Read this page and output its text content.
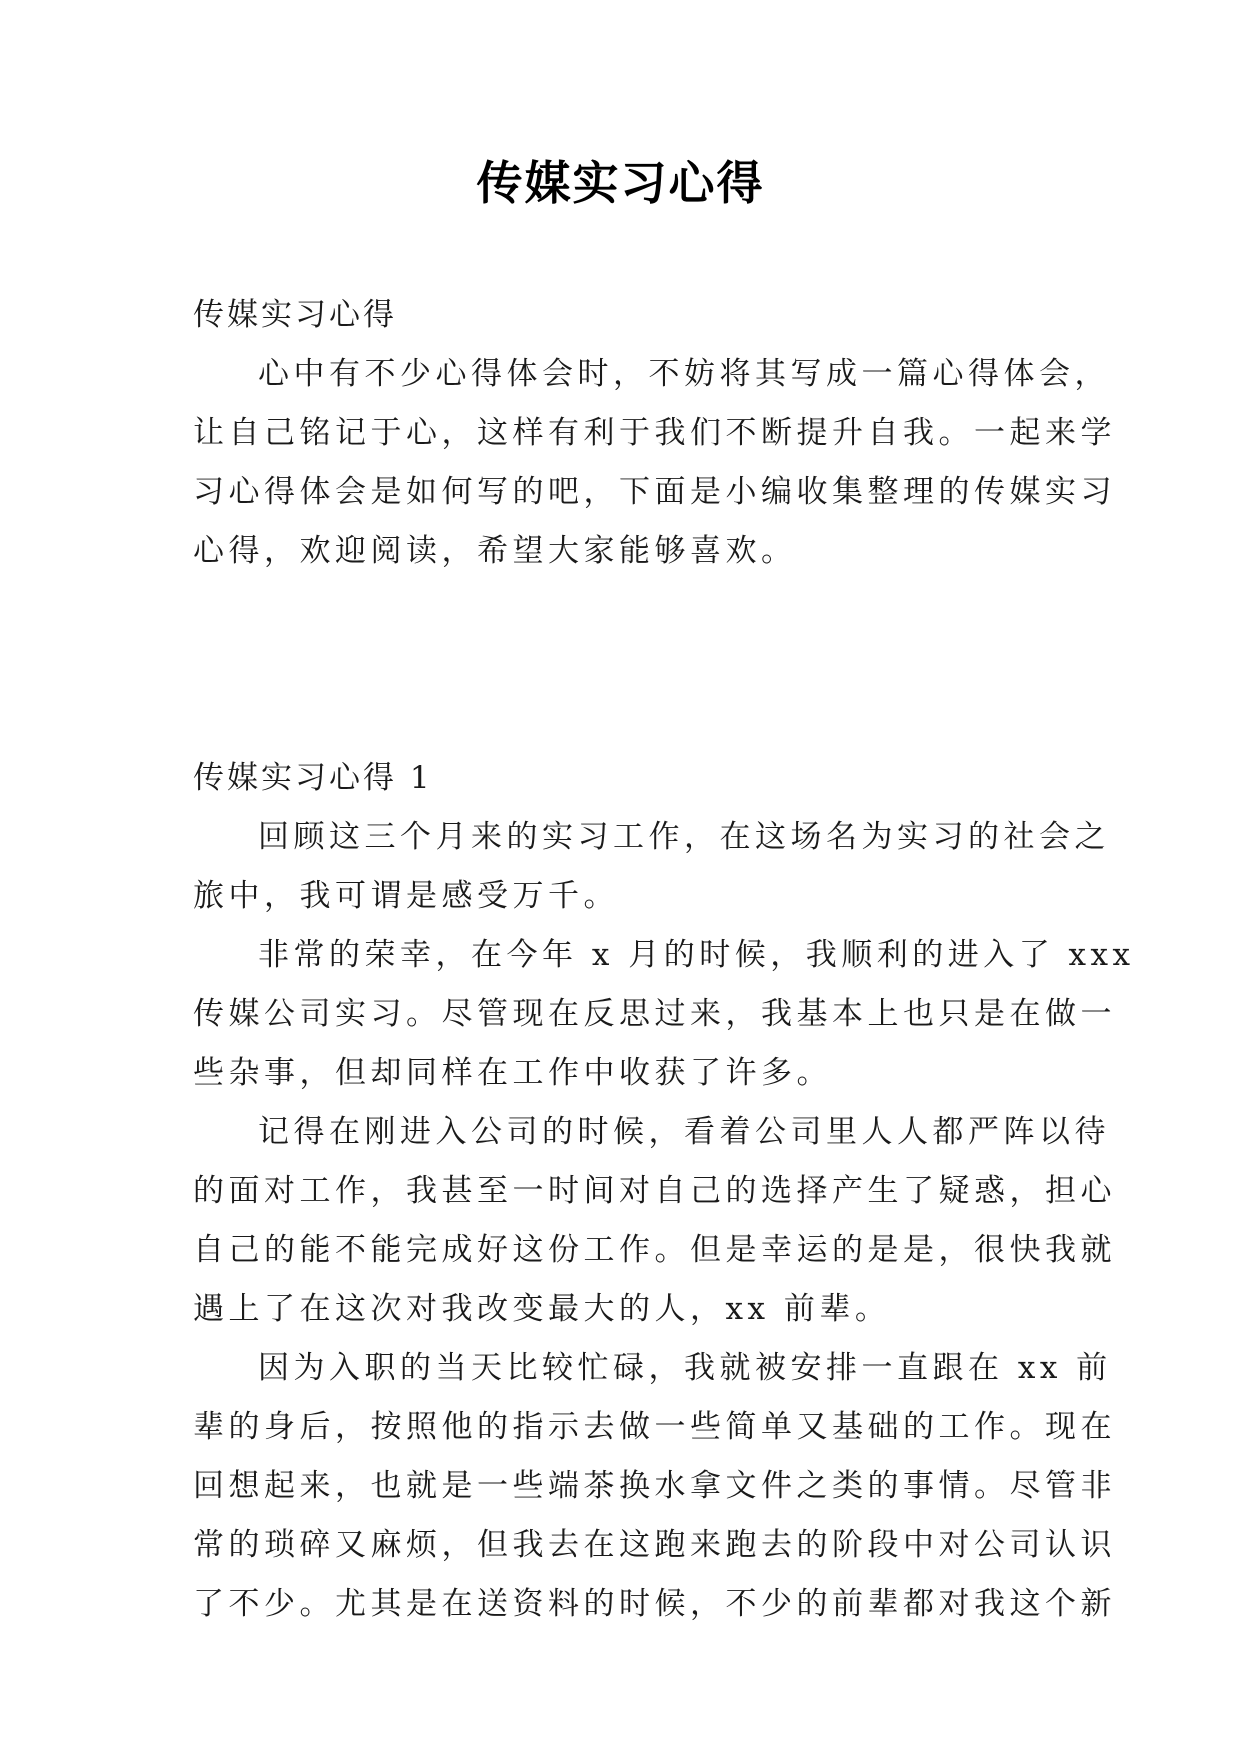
传媒实习心得
传媒实习心得
心中有不少心得体会时，不妨将其写成一篇心得体会，
让自己铭记于心，这样有利于我们不断提升自我。一起来学
习心得体会是如何写的吧，下面是小编收集整理的传媒实习
心得，欢迎阅读，希望大家能够喜欢。
传媒实习心得 1
回顾这三个月来的实习工作，在这场名为实习的社会之
旅中，我可谓是感受万千。
非常的荣幸，在今年 x 月的时候，我顺利的进入了 xxx
传媒公司实习。尽管现在反思过来，我基本上也只是在做一
些杂事，但却同样在工作中收获了许多。
记得在刚进入公司的时候，看着公司里人人都严阵以待
的面对工作，我甚至一时间对自己的选择产生了疑惑，担心
自己的能不能完成好这份工作。但是幸运的是是，很快我就
遇上了在这次对我改变最大的人，xx 前辈。
因为入职的当天比较忙碌，我就被安排一直跟在 xx 前
辈的身后，按照他的指示去做一些简单又基础的工作。现在
回想起来，也就是一些端茶换水拿文件之类的事情。尽管非
常的琐碎又麻烦，但我去在这跑来跑去的阶段中对公司认识
了不少。尤其是在送资料的时候，不少的前辈都对我这个新
